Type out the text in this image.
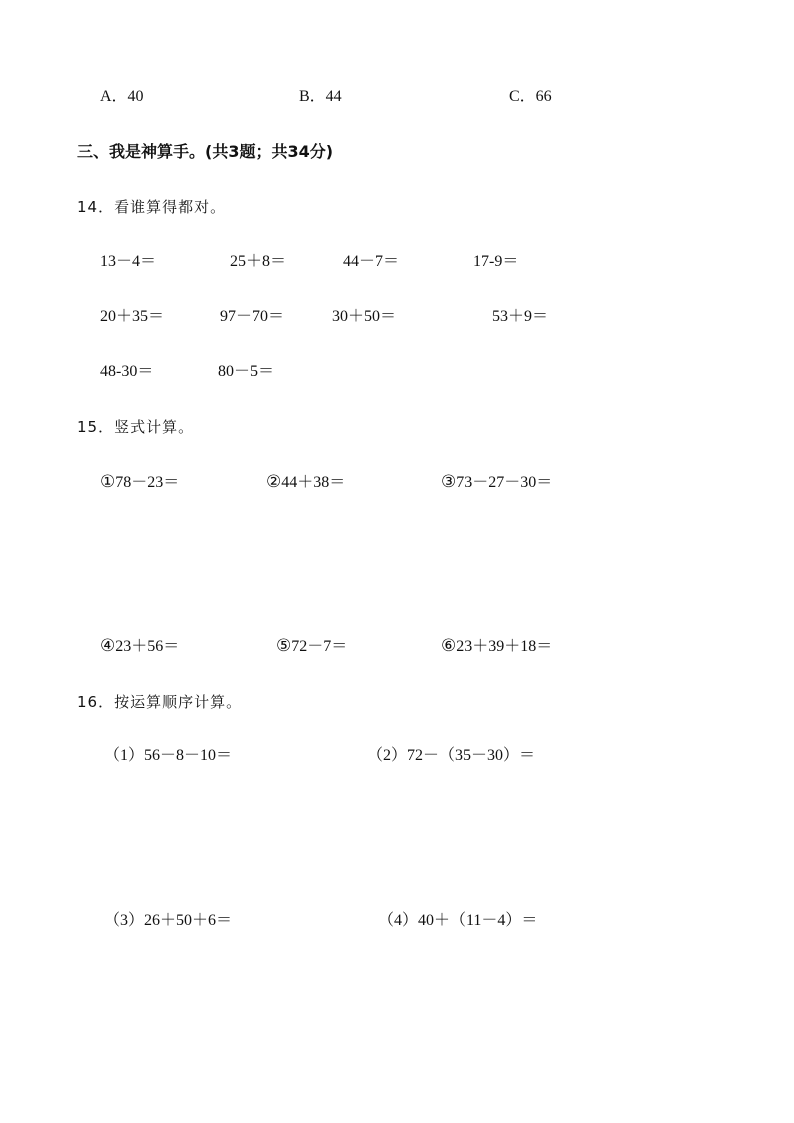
A．40	B．44	C．66
三、我是神算手。(共3题；共34分)
14．看谁算得都对。
13－4＝	25＋8＝	44－7＝	17-9＝
20＋35＝	97－70＝	30＋50＝	53＋9＝
48-30＝	80－5＝
15．竖式计算。
①78－23＝	②44＋38＝	③73－27－30＝
④23＋56＝	⑤72－7＝	⑥23＋39＋18＝
16．按运算顺序计算。
（1）56－8－10＝	（2）72－（35－30）＝
（3）26＋50＋6＝	（4）40＋（11－4）＝
